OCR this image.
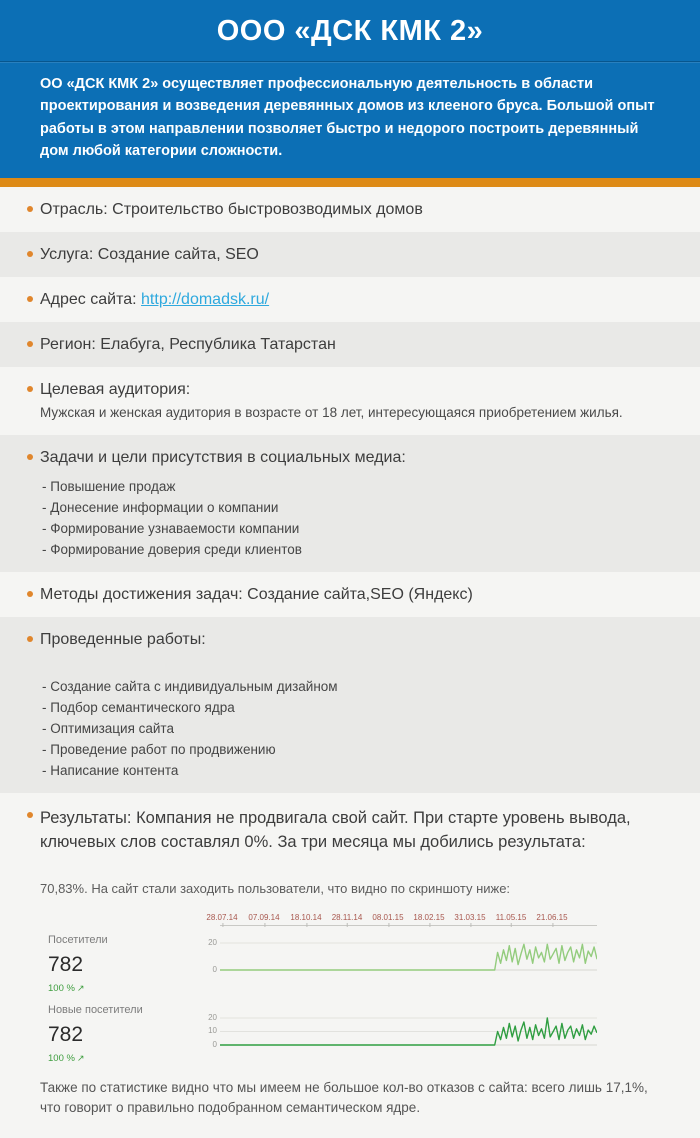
ООО «ДСК КМК 2»

ОО «ДСК КМК 2» осуществляет профессиональную деятельность в области проектирования и возведения деревянных домов из клееного бруса. Большой опыт работы в этом направлении позволяет быстро и недорого построить деревянный дом любой категории сложности.

Отрасль: Строительство быстровозводимых домов

Услуга: Создание сайта, SEO

Адрес сайта: http://domadsk.ru/

Регион: Елабуга, Республика Татарстан

Целевая аудитория:

Мужская и женская аудитория в возрасте от 18 лет, интересующаяся приобретением жилья.

Задачи и цели присутствия в социальных медиа:

- Повышение продаж
- Донесение информации о компании
- Формирование узнаваемости компании
- Формирование доверия среди клиентов

Методы достижения задач: Создание сайта,SEO (Яндекс)

Проведенные работы:

- Создание сайта с индивидуальным дизайном
- Подбор семантического ядра
- Оптимизация сайта
- Проведение работ по продвижению
- Написание контента

Результаты: Компания не продвигала свой сайт. При старте уровень вывода, ключевых слов составлял 0%. За три месяца мы добились результата:

70,83%. На сайт стали заходить пользователи, что видно по скриншоту ниже:

28.07.14 07.09.14 18.10.14 28.11.14 08.01.15 18.02.15 31.03.15 11.05.15 21.06.15
Посетители
782
100 % ↗
20
0
Новые посетители
782
100 % ↗
20
10
0

Также по статистике видно что мы имеем не большое кол-во отказов с сайта: всего лишь 17,1%, что говорит о правильно подобранном семантическом ядре.
